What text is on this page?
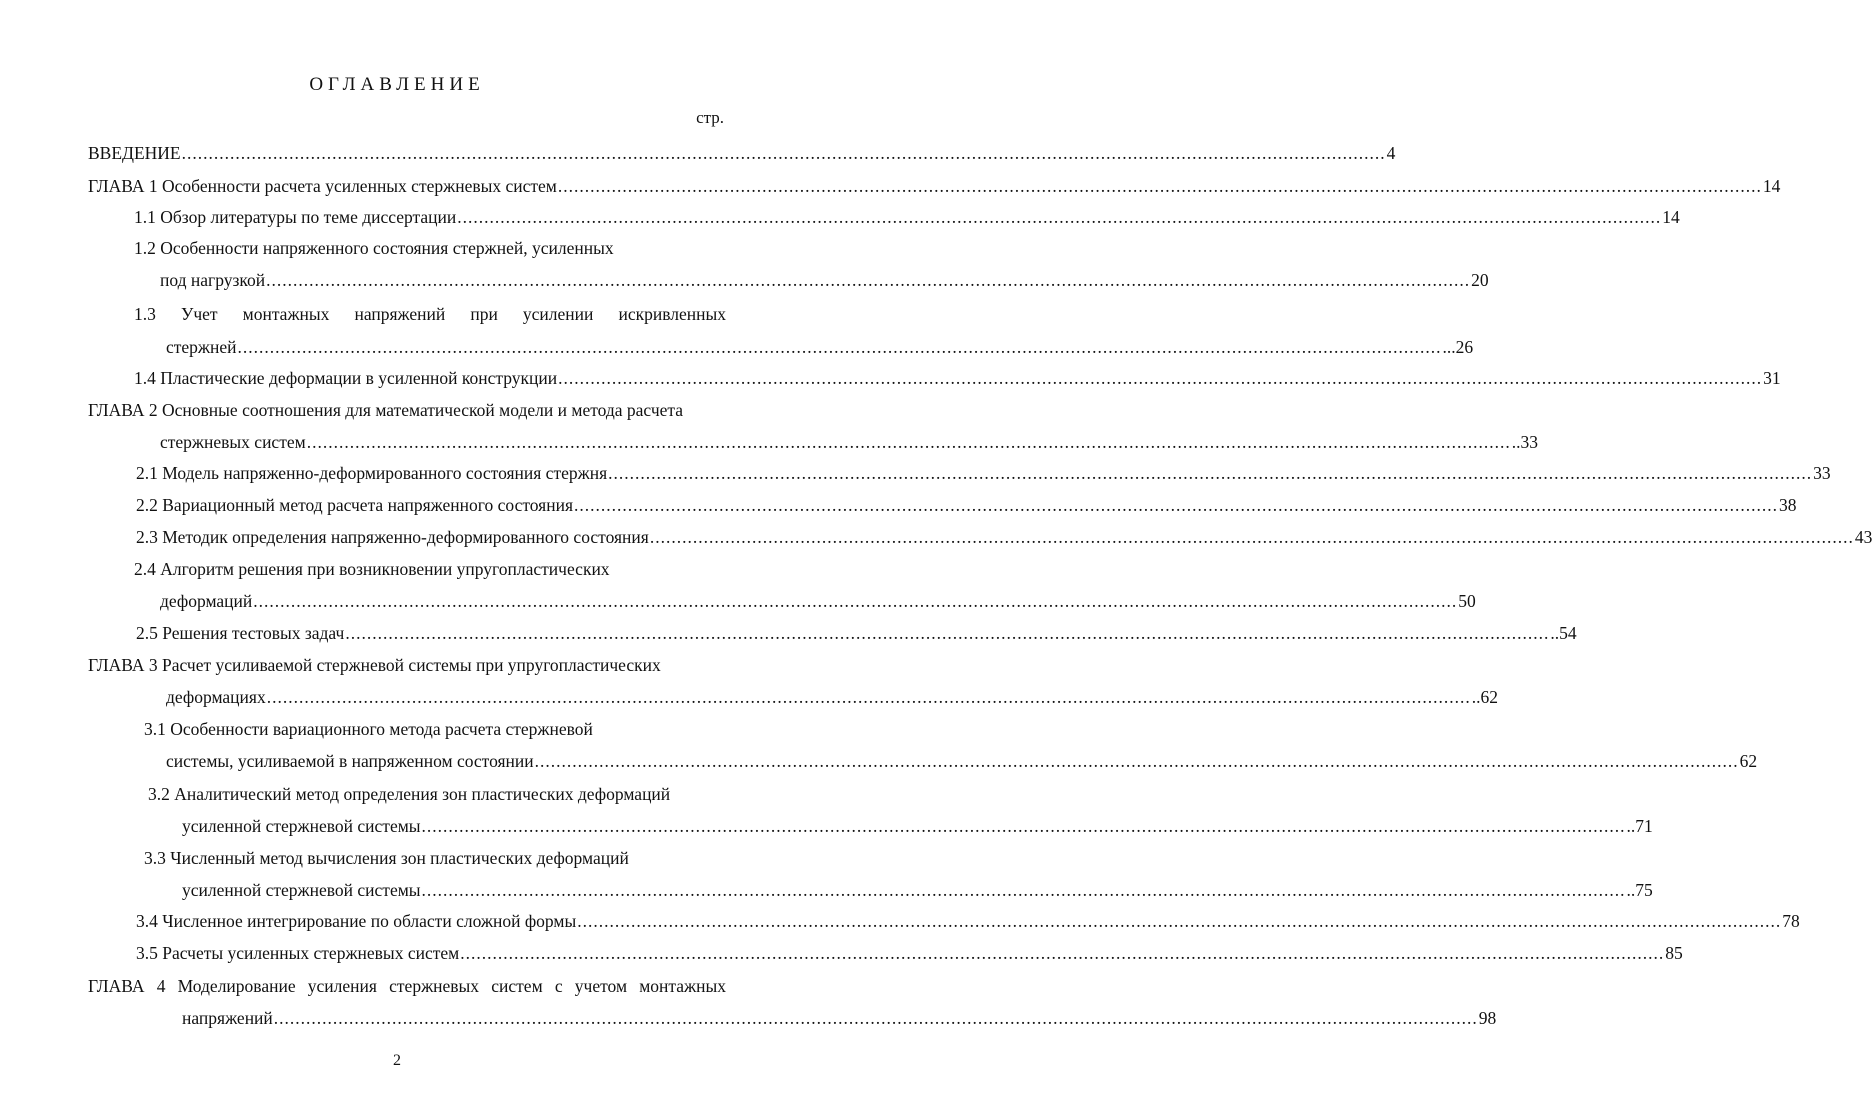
ОГЛАВЛЕНИЕ
стр.
ВВЕДЕНИЕ ................................................................................................................................................................................................................................ 4
ГЛАВА 1 Особенности расчета усиленных стержневых систем ................................................................................................................................................................................................................................ 14
1.1 Обзор литературы по теме диссертации ................................................................................................................................................................................................................................ 14
1.2 Особенности напряженного состояния стержней, усиленных
под нагрузкой ................................................................................................................................................................................................................................ 20
1.3 Учет монтажных напряжений при усилении искривленных
стержней ................................................................................................................................................................................................................................ ...26
1.4 Пластические деформации в усиленной конструкции ................................................................................................................................................................................................................................ 31
ГЛАВА 2 Основные соотношения для математической модели и метода расчета
стержневых систем ................................................................................................................................................................................................................................ ..33
2.1 Модель напряженно-деформированного состояния стержня ................................................................................................................................................................................................................................ 33
2.2 Вариационный метод расчета напряженного состояния ................................................................................................................................................................................................................................ 38
2.3 Методик определения напряженно-деформированного состояния ................................................................................................................................................................................................................................ 43
2.4 Алгоритм решения при возникновении упругопластических
деформаций ................................................................................................................................................................................................................................ 50
2.5 Решения тестовых задач ................................................................................................................................................................................................................................ ..54
ГЛАВА 3 Расчет усиливаемой стержневой системы при упругопластических
деформациях ................................................................................................................................................................................................................................ ..62
3.1 Особенности вариационного метода расчета стержневой
системы, усиливаемой в напряженном состоянии ................................................................................................................................................................................................................................ 62
3.2 Аналитический метод определения зон пластических деформаций
усиленной стержневой системы ................................................................................................................................................................................................................................ ..71
3.3 Численный метод вычисления зон пластических деформаций
усиленной стержневой системы ................................................................................................................................................................................................................................ ..75
3.4 Численное интегрирование по области сложной формы ................................................................................................................................................................................................................................ 78
3.5 Расчеты усиленных стержневых систем ................................................................................................................................................................................................................................ 85
ГЛАВА 4 Моделирование усиления стержневых систем с учетом монтажных
напряжений ................................................................................................................................................................................................................................ 98
2
